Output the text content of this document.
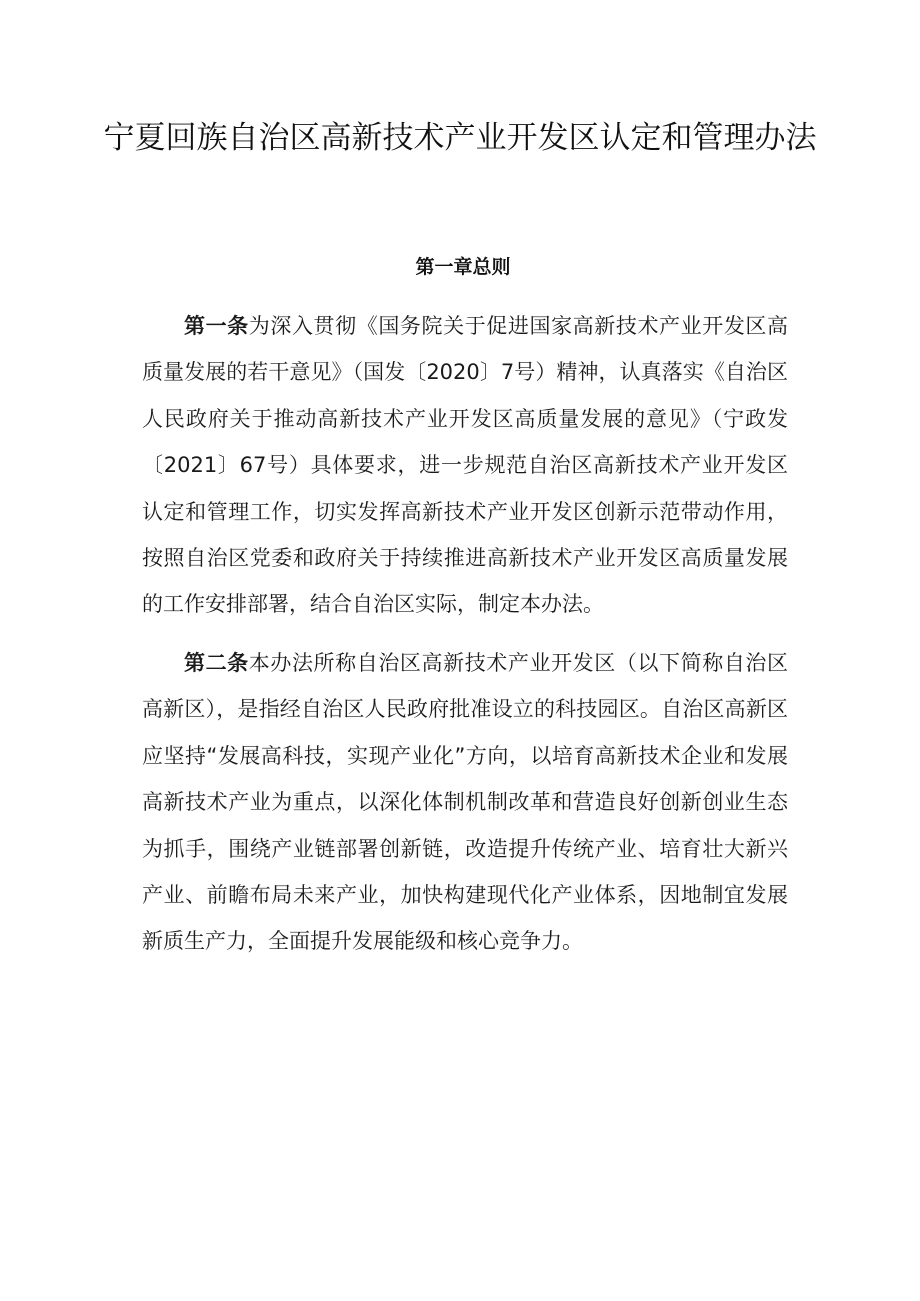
宁夏回族自治区高新技术产业开发区认定和管理办法
第一章总则

第一条为深入贯彻《国务院关于促进国家高新技术产业开发区高质量发展的若干意见》（国发〔2020〕7号）精神，认真落实《自治区人民政府关于推动高新技术产业开发区高质量发展的意见》（宁政发〔2021〕67号）具体要求，进一步规范自治区高新技术产业开发区认定和管理工作，切实发挥高新技术产业开发区创新示范带动作用，按照自治区党委和政府关于持续推进高新技术产业开发区高质量发展的工作安排部署，结合自治区实际，制定本办法。

第二条本办法所称自治区高新技术产业开发区（以下简称自治区高新区），是指经自治区人民政府批准设立的科技园区。自治区高新区应坚持“发展高科技，实现产业化”方向，以培育高新技术企业和发展高新技术产业为重点，以深化体制机制改革和营造良好创新创业生态为抓手，围绕产业链部署创新链，改造提升传统产业、培育壮大新兴产业、前瞻布局未来产业，加快构建现代化产业体系，因地制宜发展新质生产力，全面提升发展能级和核心竞争力。
